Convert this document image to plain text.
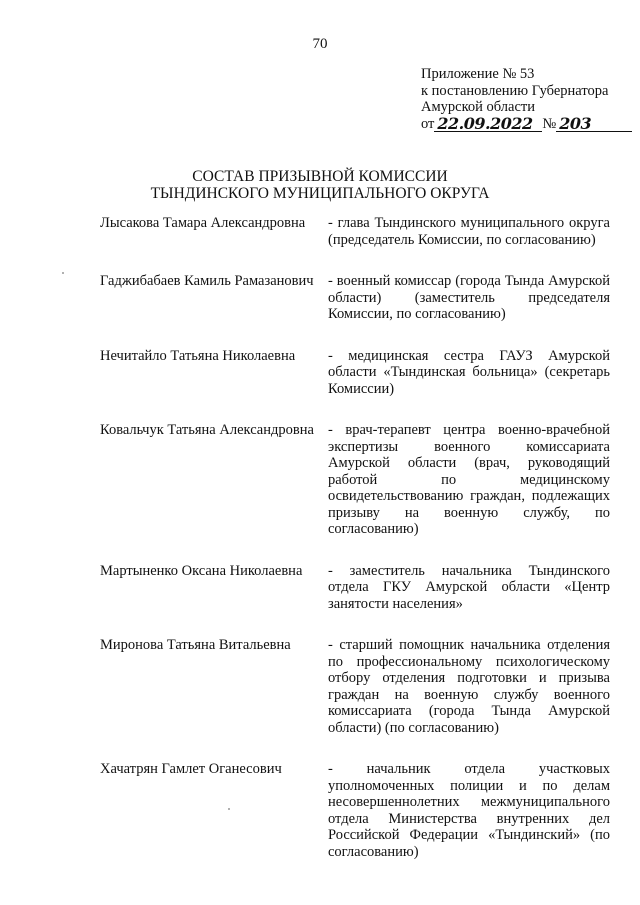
70
Приложение № 53
к постановлению Губернатора
Амурской области
от 22.09.2022 № 203
СОСТАВ ПРИЗЫВНОЙ КОМИССИИ
ТЫНДИНСКОГО МУНИЦИПАЛЬНОГО ОКРУГА
Лысакова Тамара Александровна	- глава Тындинского муниципального округа (председатель Комиссии, по согласованию)
Гаджибабаев Камиль Рамазанович - военный комиссар (города Тында Амурской области) (заместитель председателя Комиссии, по согласованию)
Нечитайло Татьяна Николаевна	- медицинская сестра ГАУЗ Амурской области «Тындинская больница» (секретарь Комиссии)
Ковальчук Татьяна Александровна - врач-терапевт центра военно-врачебной экспертизы военного комиссариата Амурской области (врач, руководящий работой по медицинскому освидетельствованию граждан, подлежащих призыву на военную службу, по согласованию)
Мартыненко Оксана Николаевна	- заместитель начальника Тындинского отдела ГКУ Амурской области «Центр занятости населения»
Миронова Татьяна Витальевна	- старший помощник начальника отделения по профессиональному психологическому отбору отделения подготовки и призыва граждан на военную службу военного комиссариата (города Тында Амурской области) (по согласованию)
Хачатрян Гамлет Оганесович	- начальник отдела участковых уполномоченных полиции и по делам несовершеннолетних межмуниципального отдела Министерства внутренних дел Российской Федерации «Тындинский» (по согласованию)
